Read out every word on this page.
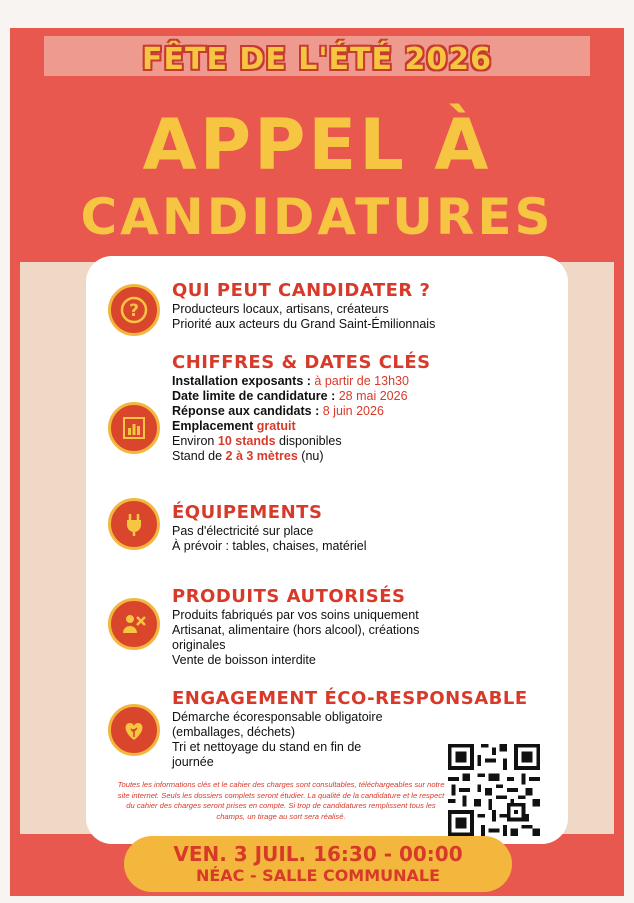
FÊTE DE L'ÉTÉ 2026
APPEL À
CANDIDATURES
?
QUI PEUT CANDIDATER ?
Producteurs locaux, artisans, créateurs
Priorité aux acteurs du Grand Saint-Émilionnais
CHIFFRES & DATES CLÉS
Installation exposants : à partir de 13h30
Date limite de candidature : 28 mai 2026
Réponse aux candidats : 8 juin 2026
Emplacement gratuit
Environ 10 stands disponibles
Stand de 2 à 3 mètres (nu)
ÉQUIPEMENTS
Pas d'électricité sur place
À prévoir : tables, chaises, matériel
PRODUITS AUTORISÉS
Produits fabriqués par vos soins uniquement
Artisanat, alimentaire (hors alcool), créations
originales
Vente de boisson interdite
ENGAGEMENT ÉCO-RESPONSABLE
Démarche écoresponsable obligatoire
(emballages, déchets)
Tri et nettoyage du stand en fin de
journée
Toutes les informations clés et le cahier des charges sont consultables, téléchargeables sur notre site internet. Seuls les dossiers complets seront étudier. La qualité de la candidature et le respect du cahier des charges seront prises en compte. Si trop de candidatures remplissent tous les champs, un tirage au sort sera réalisé.
VEN. 3 JUIL. 16:30 - 00:00
NÉAC - SALLE COMMUNALE
